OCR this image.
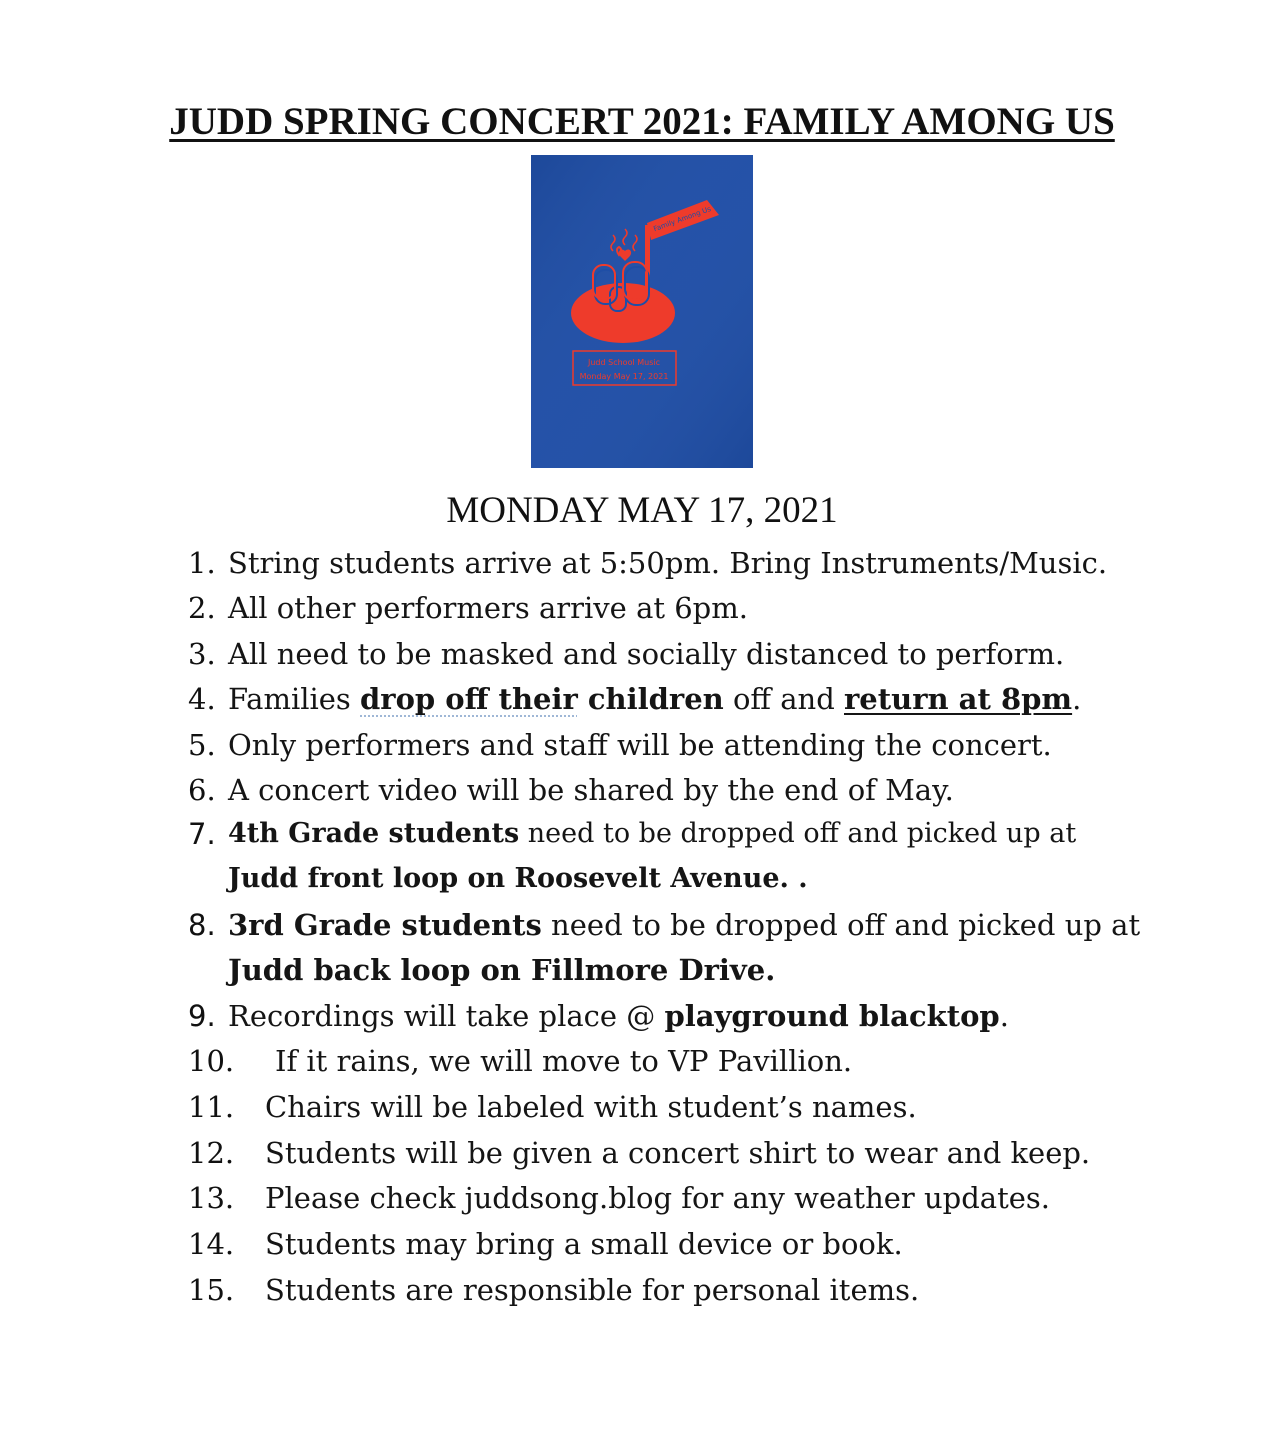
JUDD SPRING CONCERT 2021: FAMILY AMONG US
Family Among Us
Judd School Music
Monday May 17, 2021
MONDAY MAY 17, 2021
1. String students arrive at 5:50pm. Bring Instruments/Music.
2. All other performers arrive at 6pm.
3. All need to be masked and socially distanced to perform.
4. Families drop off their children off and return at 8pm.
5. Only performers and staff will be attending the concert.
6. A concert video will be shared by the end of May.
7. 4th Grade students need to be dropped off and picked up at
Judd front loop on Roosevelt Avenue. .
8. 3rd Grade students need to be dropped off and picked up at
Judd back loop on Fillmore Drive.
9. Recordings will take place @ playground blacktop.
10. If it rains, we will move to VP Pavillion.
11. Chairs will be labeled with student’s names.
12. Students will be given a concert shirt to wear and keep.
13. Please check juddsong.blog for any weather updates.
14. Students may bring a small device or book.
15. Students are responsible for personal items.
